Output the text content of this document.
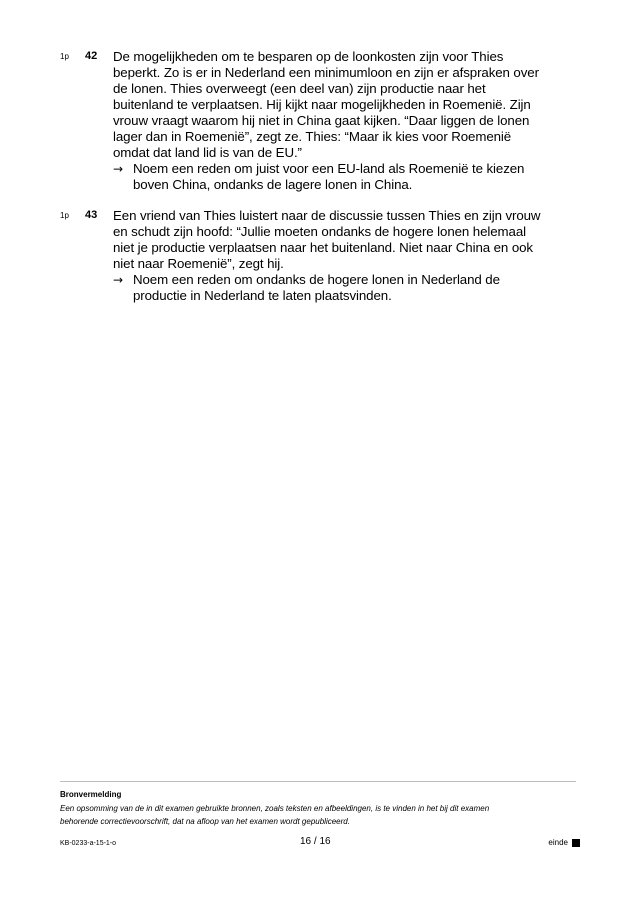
1p 42 De mogelijkheden om te besparen op de loonkosten zijn voor Thies
beperkt. Zo is er in Nederland een minimumloon en zijn er afspraken over
de lonen. Thies overweegt (een deel van) zijn productie naar het
buitenland te verplaatsen. Hij kijkt naar mogelijkheden in Roemenië. Zijn
vrouw vraagt waarom hij niet in China gaat kijken. “Daar liggen de lonen
lager dan in Roemenië”, zegt ze. Thies: “Maar ik kies voor Roemenië
omdat dat land lid is van de EU.”
→ Noem een reden om juist voor een EU-land als Roemenië te kiezen
boven China, ondanks de lagere lonen in China.
1p 43 Een vriend van Thies luistert naar de discussie tussen Thies en zijn vrouw
en schudt zijn hoofd: “Jullie moeten ondanks de hogere lonen helemaal
niet je productie verplaatsen naar het buitenland. Niet naar China en ook
niet naar Roemenië”, zegt hij.
→ Noem een reden om ondanks de hogere lonen in Nederland de
productie in Nederland te laten plaatsvinden.
Bronvermelding
Een opsomming van de in dit examen gebruikte bronnen, zoals teksten en afbeeldingen, is te vinden in het bij dit examen
behorende correctievoorschrift, dat na afloop van het examen wordt gepubliceerd.
KB-0233-a-15-1-o	16 / 16	einde
